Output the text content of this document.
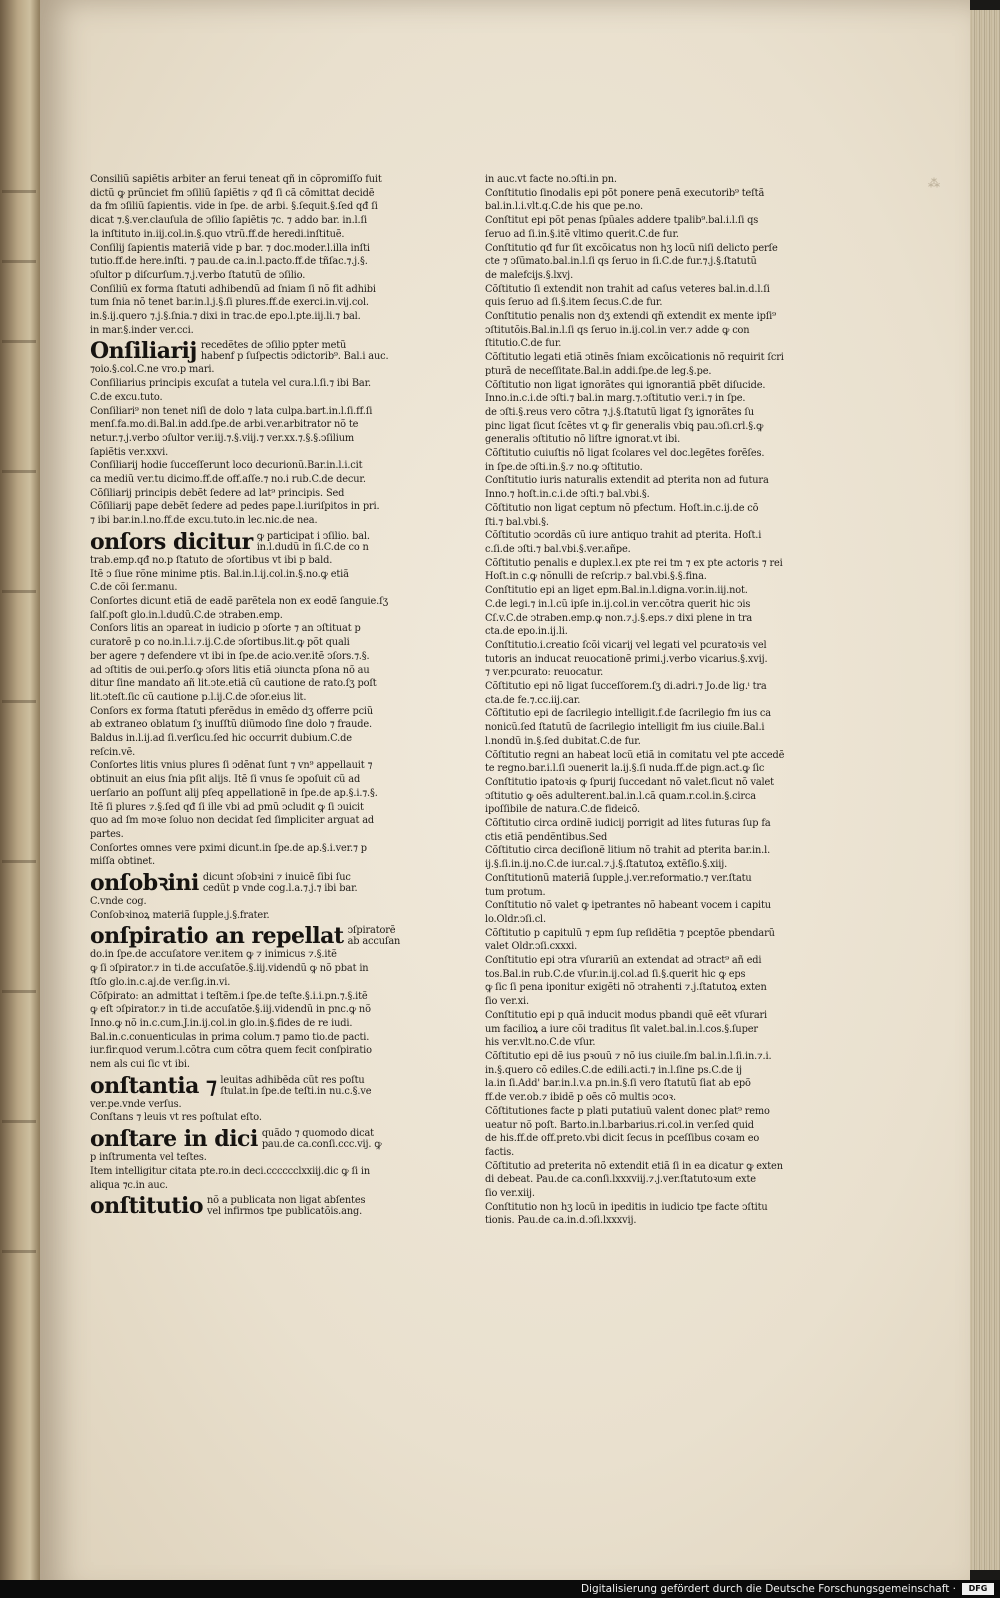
⁂
Consiliũ sapiẽtis arbiter an ferui teneat qñ in cõpromiſſo fuit
dictũ ꝙ prũnciet fm ↄſiliũ ſapiẽtis ⁊ qđ ſi cã cõmittat decidẽ
da fm ↄſiliũ ſapientis. vide in ſpe. de arbi. §.ſequit.§.ſed qđ ſi
dicat ⁊.§.ver.clauſula de ↄſilio ſapiẽtis ⁊c. ⁊ addo bar. in.l.ſi
la inſtituto in.iij.col.in.§.quo vtrũ.ff.de heredi.inſtituẽ.
Conſilij ſapientis materiã vide p bar. ⁊ doc.moder.l.illa inſti
tutio.ff.de here.inſti. ⁊ pau.de ca.in.l.pacto.ff.de tñſac.⁊.j.§.
ↄſultor p diſcurſum.⁊.j.verbo ſtatutũ de ↄſilio.
Conſiliũ ex forma ſtatuti adhibendũ ad ſniam ſi nõ fit adhibi
tum ſnia nõ tenet bar.in.l.j.§.ſi plures.ff.de exerci.in.vij.col.
in.§.ij.quero ⁊.j.§.ſnia.⁊ dixi in trac.de epo.l.pte.iij.li.⁊ bal.
in mar.§.inder ver.cci.
Onſiliarij recedẽtes de ↄſilio ppter metũ
habenf p ſuſpectis ↄdictorib⁹. Bal.i auc.
⁊oio.§.col.C.ne vro.p mari.
Conſiliarius principis excuſat a tutela vel cura.l.ſi.⁊ ibi Bar.
C.de excu.tuto.
Conſiliari⁹ non tenet niſi de dolo ⁊ lata culpa.bart.in.l.ſi.ff.ſi
menſ.fa.mo.di.Bal.in add.ſpe.de arbi.ver.arbitrator nõ te
netur.⁊.j.verbo ↄſultor ver.iij.⁊.§.viij.⁊ ver.xx.⁊.§.§.ↄſilium
ſapiẽtis ver.xxvi.
Conſiliarij hodie ſucceſſerunt loco decurionũ.Bar.in.l.i.cit
ca mediũ ver.tu dicimo.ff.de off.aſſe.⁊ no.i rub.C.de decur.
Cõſiliarij principis debẽt ſedere ad lat⁹ principis. Sed
Cõſiliarij pape debẽt ſedere ad pedes pape.l.iuriſpitos in pri.
⁊ ibi bar.in.l.no.ff.de excu.tuto.in lec.nic.de nea.
onſors dicitur ꝙ participat i ↄſilio. bal.
in.l.dudũ in ſi.C.de co n
trab.emp.qđ no.p ſtatuto de ↄſortibus vt ibi p bald.
Itẽ ↄ ſiue rõne minime ptis. Bal.in.l.ij.col.in.§.no.ꝙ etiã
C.de cõi ſer.manu.
Conſortes dicunt etiã de eadẽ parẽtela non ex eodẽ ſanguie.ſʒ
ſalſ.poſt glo.in.l.dudũ.C.de ↄtraben.emp.
Conſors litis an ↄpareat in iudicio p ↄſorte ⁊ an ↄſtituat p
curatorẽ p co no.in.l.i.⁊.ij.C.de ↄſortibus.lit.ꝙ põt quali
ber agere ⁊ defendere vt ibi in ſpe.de acio.ver.itẽ ↄſors.⁊.§.
ad ↄſtitis de ↄui.perſo.ꝙ ↄſors litis etiã ↄiuncta pſona nõ au
ditur ſine mandato añ lit.ↄte.etiã cũ cautione de rato.ſʒ poſt
lit.ↄteſt.ſic cũ cautione p.l.ij.C.de ↄſor.eius lit.
Conſors ex forma ſtatuti pferẽdus in emẽdo dʒ offerre pciũ
ab extraneo oblatum ſʒ inuſſtũ diũmodo ſine dolo ⁊ fraude.
Baldus in.l.ij.ad ſi.verſicu.ſed hic occurrit dubium.C.de
reſcin.vẽ.
Conſortes litis vnius plures ſi ↄdẽnat ſunt ⁊ vn⁹ appellauit ⁊
obtinuit an eius ſnia pſit alijs. Itẽ ſi vnus ſe ↄpoſuit cũ ad
uerſario an poſſunt alij pſeq appellationẽ in ſpe.de ap.§.i.⁊.§.
Itẽ ſi plures ⁊.§.ſed qđ ſi ille vbi ad pmũ ↄcludit ꝙ ſi ↄuicit
quo ad ſm moꝛe ſoluo non decidat ſed ſimpliciter arguat ad
partes.
Conſortes omnes vere pximi dicunt.in ſpe.de ap.§.i.ver.⁊ p
miſſa obtinet.
onſobꝛini dicunt ↄſobꝛini ⁊ inuicẽ ſibi ſuc
cedũt p vnde cog.l.a.⁊.j.⁊ ibi bar.
C.vnde cog.
Conſobꝛinoꝝ materiã ſupple.j.§.frater.
onſpiratio an repellat ↄſpiratorẽ
ab accuſan
do.in ſpe.de accuſatore ver.item ꝙ ⁊ inimicus ⁊.§.itẽ
ꝙ ſi ↄſpirator.⁊ in ti.de accuſatõe.§.iij.videndũ ꝙ nõ pbat in
ſtſo glo.in.c.aj.de ver.ſig.in.vi.
Cõſpirato: an admittat i teſtẽm.i ſpe.de teſte.§.i.i.pn.⁊.§.itẽ
ꝙ eſt ↄſpirator.⁊ in ti.de accuſatõe.§.iij.videndũ in pnc.ꝙ nõ
Inno.ꝙ nõ in.c.cum.J.in.ij.col.in glo.in.§.fides de re iudi.
Bal.in.c.conuenticulas in prima colum.⁊ pamo tio.de pacti.
iur.fir.quod verum.l.cõtra cum cõtra quem fecit conſpiratio
nem als cui ſic vt ibi.
onſtantia ⁊ leuitas adhibẽda cũt res poſtu
ſtulat.in ſpe.de teſti.in nu.c.§.ve
ver.pe.vnde verſus.
Conſtans ⁊ leuis vt res poſtulat eſto.
onſtare in dici quãdo ⁊ quomodo dicat
pau.de ca.conſi.ccc.vij. ꝙ
p inſtrumenta vel teſtes.
Item intelligitur citata pte.ro.in deci.cccccclxxiij.dic ꝙ ſi in
aliqua ⁊c.in auc.
onſtitutio nõ a publicata non ligat abſentes
vel infirmos tpe publicatõis.ang.
in auc.vt facte no.ↄſti.in pn.
Conſtitutio ſinodalis epi põt ponere penã executorib⁹ teſtã
bal.in.l.i.vlt.q.C.de his que pe.no.
Conſtitut epi põt penas ſpũales addere tpalib⁹.bal.i.l.ſi qs
ſeruo ad ſi.in.§.itẽ vltimo querit.C.de fur.
Conſtitutio qđ fur ſit excõicatus non hʒ locũ niſi delicto perſe
cte ⁊ ↄſũmato.bal.in.l.ſi qs ſeruo in ſi.C.de fur.⁊.j.§.ſtatutũ
de malefcijs.§.lxvj.
Cõſtitutio ſi extendit non trahit ad caſus veteres bal.in.d.l.ſi
quis ſeruo ad ſi.§.item ſecus.C.de fur.
Conſtitutio penalis non dʒ extendi qñ extendit ex mente ipſi⁹
ↄſtitutõis.Bal.in.l.ſi qs ſeruo in.ij.col.in ver.⁊ adde ꝙ con
ſtitutio.C.de fur.
Cõſtitutio legati etiã ↄtinẽs ſniam excõicationis nõ requirit ſcri
pturã de neceſſitate.Bal.in addi.ſpe.de leg.§.pe.
Cõſtitutio non ligat ignorãtes qui ignorantiã pbẽt diſucide.
Inno.in.c.i.de ↄſti.⁊ bal.in marg.⁊.ↄſtitutio ver.i.⁊ in ſpe.
de ↄſti.§.reus vero cõtra ⁊.j.§.ſtatutũ ligat ſʒ ignorãtes ſu
pinc ligat ſicut ſcẽtes vt ꝙ fir generalis vbiꝗ pau.ↄſi.crl.§.ꝙ
generalis ↄſtitutio nõ liſtre ignorat.vt ibi.
Cõſtitutio cuiuſtis nõ ligat ſcolares vel doc.legẽtes forẽſes.
in ſpe.de ↄſti.in.§.⁊ no.ꝙ ↄſtitutio.
Conſtitutio iuris naturalis extendit ad pterita non ad futura
Inno.⁊ hoſt.in.c.i.de ↄſti.⁊ bal.vbi.§.
Cõſtitutio non ligat ceptum nõ pfectum. Hoſt.in.c.ij.de cõ
ſti.⁊ bal.vbi.§.
Cõſtitutio ↄcordãs cũ iure antiquo trahit ad pterita. Hoſt.i
c.ſi.de ↄſti.⁊ bal.vbi.§.ver.añpe.
Cõſtitutio penalis e duplex.l.ex pte rei tm ⁊ ex pte actoris ⁊ rei
Hoſt.in c.ꝙ nõnulli de reſcrip.⁊ bal.vbi.§.§.fina.
Conſtitutio epi an liget epm.Bal.in.l.digna.vor.in.iij.not.
C.de legi.⁊ in.l.cũ ipſe in.ij.col.in ver.cõtra querit hic ↄis
Cſ.v.C.de ↄtraben.emp.ꝙ non.⁊.j.§.eps.⁊ dixi plene in tra
cta.de epo.in.ij.li.
Conſtitutio.i.creatio ſcõi vicarij vel legati vel pcuratoꝛis vel
tutoris an inducat reuocationẽ primi.j.verbo vicarius.§.xvij.
⁊ ver.pcurato: reuocatur.
Cõſtitutio epi nõ ligat ſucceſſorem.ſʒ di.adri.⁊ Jo.de lig.ⁱ tra
cta.de fe.⁊.cc.iij.car.
Cõſtitutio epi de ſacrilegio intelligit.f.de ſacrilegio fm ius ca
nonicũ.ſed ſtatutũ de ſacrilegio intelligit fm ius ciuile.Bal.i
l.nondũ in.§.ſed dubitat.C.de fur.
Cõſtitutio regni an habeat locũ etiã in comitatu vel pte accedẽ
te regno.bar.i.l.ſi ↄuenerit la.ij.§.ſi nuda.ff.de pign.act.ꝙ ſic
Conſtitutio ipatoꝛis ꝙ ſpurij ſuccedant nõ valet.ſicut nõ valet
ↄſtitutio ꝙ oẽs adulterent.bal.in.l.cã quam.r.col.in.§.circa
ipoſſibile de natura.C.de fideicõ.
Cõſtitutio circa ordinẽ iudicij porrigit ad lites futuras ſup fa
ctis etiã pendẽntibus.Sed
Cõſtitutio circa deciſionẽ litium nõ trahit ad pterita bar.in.l.
ij.§.ſi.in.ij.no.C.de iur.cal.⁊.j.§.ſtatutoꝝ extẽſio.§.xiij.
Conſtitutionũ materiã ſupple.j.ver.reformatio.⁊ ver.ſtatu
tum protum.
Conſtitutio nõ valet ꝙ ipetrantes nõ habeant vocem i capitu
lo.Oldr.ↄſi.cl.
Cõſtitutio p capitulũ ⁊ epm ſup reſidẽtia ⁊ pceptõe pbendarũ
valet Oldr.ↄſi.cxxxi.
Conſtitutio epi ↄtra vſurariũ an extendat ad ↄtract⁹ añ edi
tos.Bal.in rub.C.de vſur.in.ij.col.ad ſi.§.querit hic ꝙ eps
ꝙ ſic ſi pena iponitur exigẽti nõ ↄtrahenti ⁊.j.ſtatutoꝝ exten
ſio ver.xi.
Conſtitutio epi p quã inducit modus pbandi quẽ eẽt vſurari
um facilioꝝ a iure cõi traditus ſit valet.bal.in.l.cos.§.ſuper
his ver.vlt.no.C.de vſur.
Cõſtitutio epi dẽ ius pꝛouũ ⁊ nõ ius ciuile.ſm bal.in.l.ſi.in.⁊.i.
in.§.quero cõ ediles.C.de edili.acti.⁊ in.l.ſine ps.C.de ij
la.in ſi.Add' bar.in.l.v.a pn.in.§.ſi vero ſtatutũ ſiat ab epõ
ff.de ver.ob.⁊ ibidẽ p oẽs cõ multis ↄcoꝛ.
Cõſtitutiones facte p plati putatiuũ valent donec plat⁹ remo
ueatur nõ poſt. Barto.in.l.barbarius.ri.col.in ver.ſed quid
de his.ff.de off.preto.vbi dicit ſecus in pceſſibus coꝛam eo
factis.
Cõſtitutio ad preterita nõ extendit etiã ſi in ea dicatur ꝙ exten
di debeat. Pau.de ca.conſi.lxxxviij.⁊.j.ver.ſtatutoꝛum exte
ſio ver.xiij.
Conſtitutio non hʒ locũ in ipeditis in iudicio tpe facte ↄſtitu
tionis. Pau.de ca.in.d.ↄſi.lxxxvij.
Digitalisierung gefördert durch die Deutsche Forschungsgemeinschaft ·	DFG
